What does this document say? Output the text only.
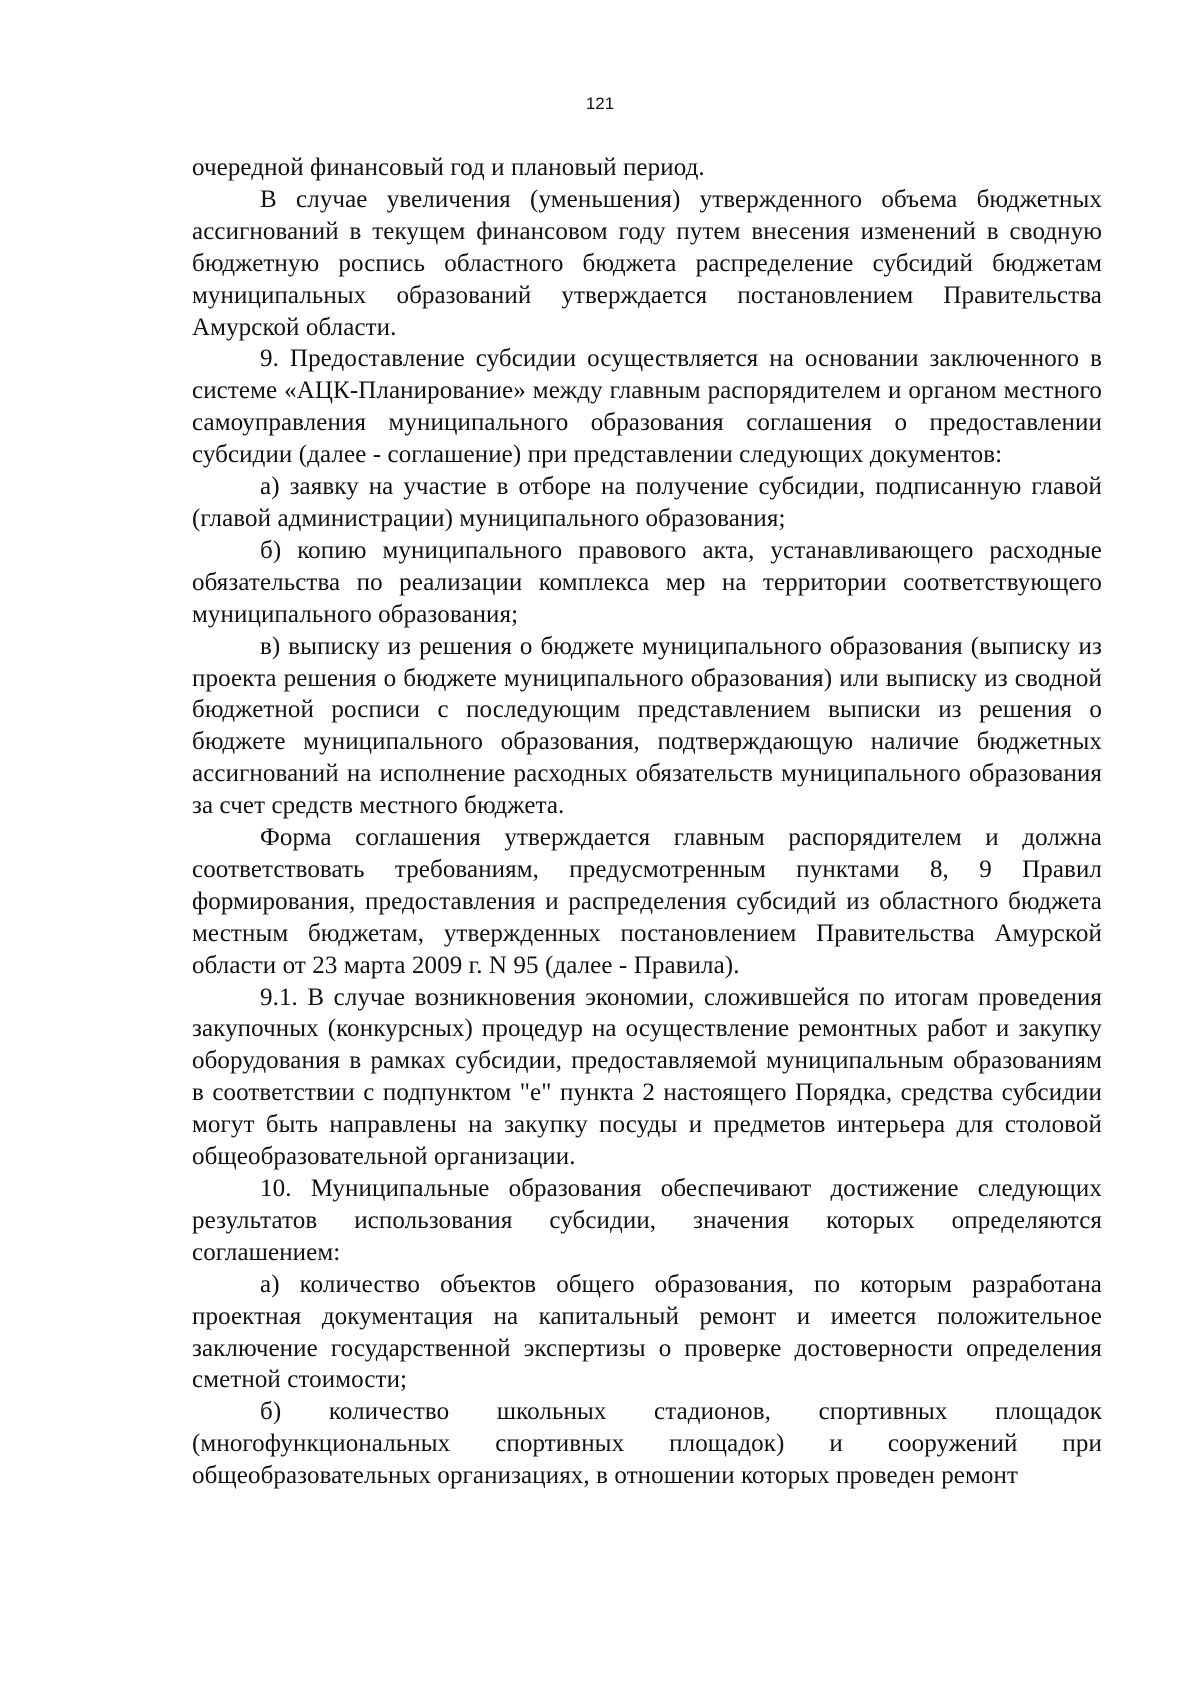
121

очередной финансовый год и плановый период.

В случае увеличения (уменьшения) утвержденного объема бюджетных ассигнований в текущем финансовом году путем внесения изменений в сводную бюджетную роспись областного бюджета распределение субсидий бюджетам муниципальных образований утверждается постановлением Правительства Амурской области.

9. Предоставление субсидии осуществляется на основании заключенного в системе «АЦК-Планирование» между главным распорядителем и органом местного самоуправления муниципального образования соглашения о предоставлении субсидии (далее - соглашение) при представлении следующих документов:

а) заявку на участие в отборе на получение субсидии, подписанную главой (главой администрации) муниципального образования;

б) копию муниципального правового акта, устанавливающего расходные обязательства по реализации комплекса мер на территории соответствующего муниципального образования;

в) выписку из решения о бюджете муниципального образования (выписку из проекта решения о бюджете муниципального образования) или выписку из сводной бюджетной росписи с последующим представлением выписки из решения о бюджете муниципального образования, подтверждающую наличие бюджетных ассигнований на исполнение расходных обязательств муниципального образования за счет средств местного бюджета.

Форма соглашения утверждается главным распорядителем и должна соответствовать требованиям, предусмотренным пунктами 8, 9 Правил формирования, предоставления и распределения субсидий из областного бюджета местным бюджетам, утвержденных постановлением Правительства Амурской области от 23 марта 2009 г. N 95 (далее - Правила).

9.1. В случае возникновения экономии, сложившейся по итогам проведения закупочных (конкурсных) процедур на осуществление ремонтных работ и закупку оборудования в рамках субсидии, предоставляемой муниципальным образованиям в соответствии с подпунктом "е" пункта 2 настоящего Порядка, средства субсидии могут быть направлены на закупку посуды и предметов интерьера для столовой общеобразовательной организации.

10. Муниципальные образования обеспечивают достижение следующих результатов использования субсидии, значения которых определяются соглашением:

а) количество объектов общего образования, по которым разработана проектная документация на капитальный ремонт и имеется положительное заключение государственной экспертизы о проверке достоверности определения сметной стоимости;

б) количество школьных стадионов, спортивных площадок (многофункциональных спортивных площадок) и сооружений при общеобразовательных организациях, в отношении которых проведен ремонт
